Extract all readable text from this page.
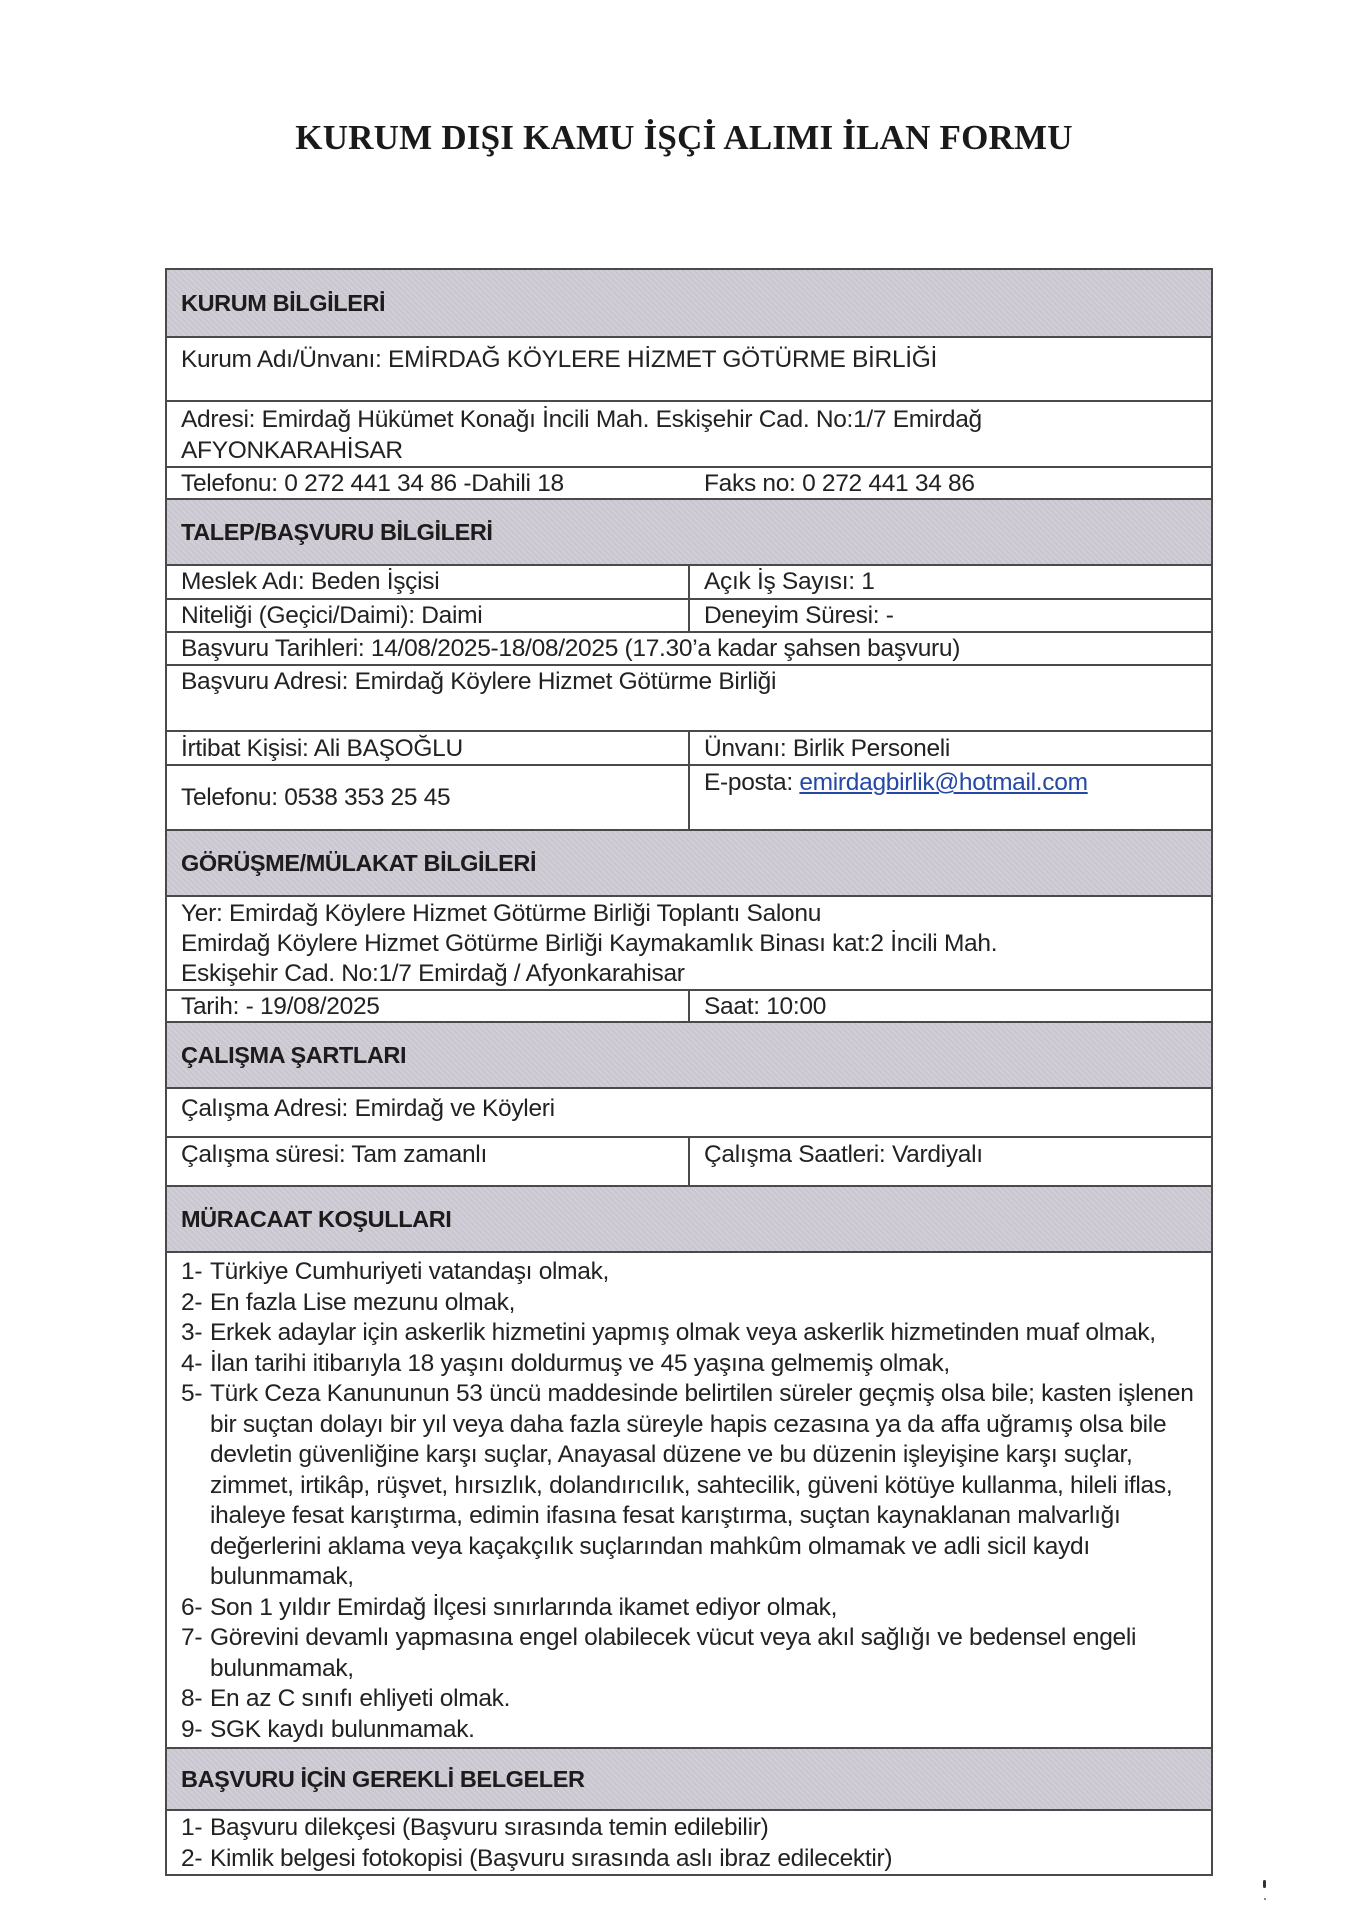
KURUM DIŞI KAMU İŞÇİ ALIMI İLAN FORMU
KURUM BİLGİLERİ
Kurum Adı/Ünvanı: EMİRDAĞ KÖYLERE HİZMET GÖTÜRME BİRLİĞİ
Adresi: Emirdağ Hükümet Konağı İncili Mah. Eskişehir Cad. No:1/7 Emirdağ
AFYONKARAHİSAR
Telefonu: 0 272 441 34 86 -Dahili 18	Faks no: 0 272 441 34 86
TALEP/BAŞVURU BİLGİLERİ
Meslek Adı: Beden İşçisi	Açık İş Sayısı: 1
Niteliği (Geçici/Daimi): Daimi	Deneyim Süresi: -
Başvuru Tarihleri: 14/08/2025-18/08/2025 (17.30’a kadar şahsen başvuru)
Başvuru Adresi: Emirdağ Köylere Hizmet Götürme Birliği
İrtibat Kişisi: Ali BAŞOĞLU	Ünvanı: Birlik Personeli
Telefonu: 0538 353 25 45
E-posta: emirdagbirlik@hotmail.com
GÖRÜŞME/MÜLAKAT BİLGİLERİ
Yer: Emirdağ Köylere Hizmet Götürme Birliği Toplantı Salonu
Emirdağ Köylere Hizmet Götürme Birliği Kaymakamlık Binası kat:2 İncili Mah.
Eskişehir Cad. No:1/7 Emirdağ / Afyonkarahisar
Tarih: - 19/08/2025	Saat: 10:00
ÇALIŞMA ŞARTLARI
Çalışma Adresi: Emirdağ ve Köyleri
Çalışma süresi: Tam zamanlı	Çalışma Saatleri: Vardiyalı
MÜRACAAT KOŞULLARI
1- Türkiye Cumhuriyeti vatandaşı olmak,
2- En fazla Lise mezunu olmak,
3- Erkek adaylar için askerlik hizmetini yapmış olmak veya askerlik hizmetinden muaf olmak,
4- İlan tarihi itibarıyla 18 yaşını doldurmuş ve 45 yaşına gelmemiş olmak,
5- Türk Ceza Kanununun 53 üncü maddesinde belirtilen süreler geçmiş olsa bile; kasten işlenen bir suçtan dolayı bir yıl veya daha fazla süreyle hapis cezasına ya da affa uğramış olsa bile devletin güvenliğine karşı suçlar, Anayasal düzene ve bu düzenin işleyişine karşı suçlar, zimmet, irtikâp, rüşvet, hırsızlık, dolandırıcılık, sahtecilik, güveni kötüye kullanma, hileli iflas, ihaleye fesat karıştırma, edimin ifasına fesat karıştırma, suçtan kaynaklanan malvarlığı değerlerini aklama veya kaçakçılık suçlarından mahkûm olmamak ve adli sicil kaydı bulunmamak,
6- Son 1 yıldır Emirdağ İlçesi sınırlarında ikamet ediyor olmak,
7- Görevini devamlı yapmasına engel olabilecek vücut veya akıl sağlığı ve bedensel engeli bulunmamak,
8- En az C sınıfı ehliyeti olmak.
9- SGK kaydı bulunmamak.
BAŞVURU İÇİN GEREKLİ BELGELER
1- Başvuru dilekçesi (Başvuru sırasında temin edilebilir)
2- Kimlik belgesi fotokopisi (Başvuru sırasında aslı ibraz edilecektir)
